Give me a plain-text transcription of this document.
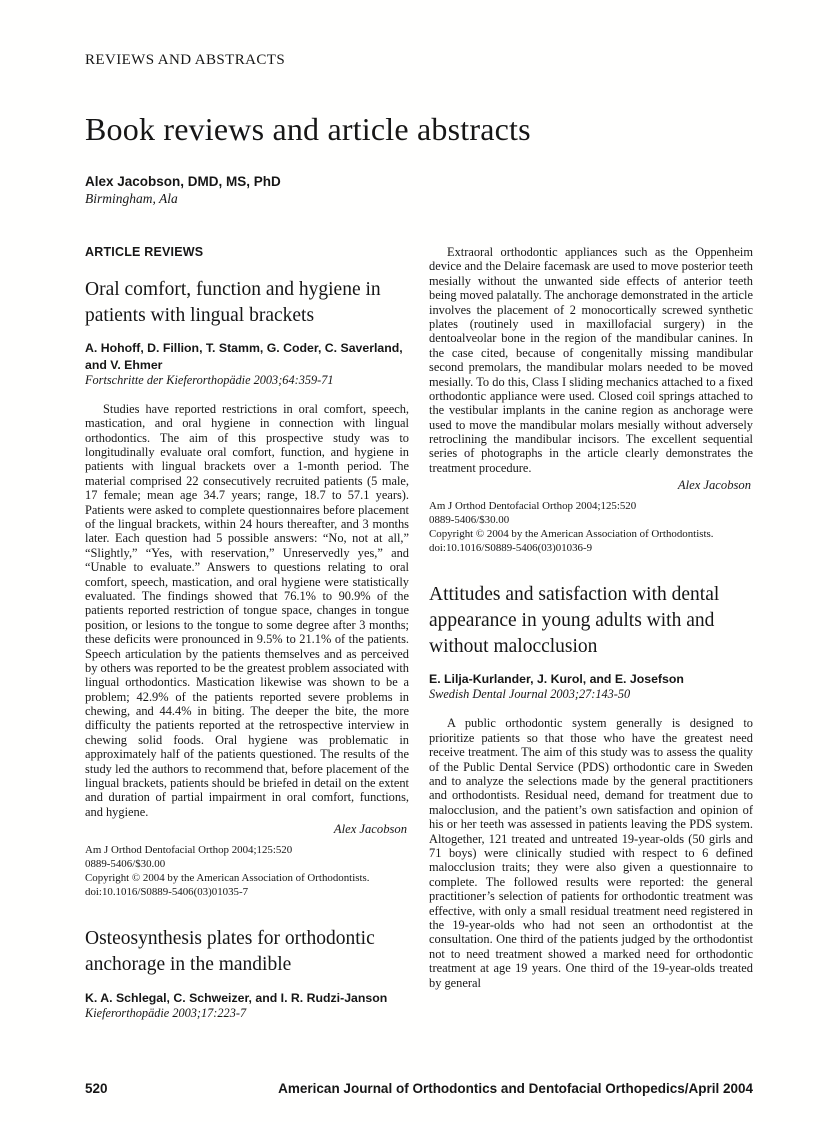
REVIEWS AND ABSTRACTS
Book reviews and article abstracts
Alex Jacobson, DMD, MS, PhD
Birmingham, Ala
ARTICLE REVIEWS
Oral comfort, function and hygiene in patients with lingual brackets
A. Hohoff, D. Fillion, T. Stamm, G. Coder, C. Saverland, and V. Ehmer
Fortschritte der Kieferorthopädie 2003;64:359-71

Studies have reported restrictions in oral comfort, speech, mastication, and oral hygiene in connection with lingual orthodontics. The aim of this prospective study was to longitudinally evaluate oral comfort, function, and hygiene in patients with lingual brackets over a 1-month period. The material comprised 22 consecutively recruited patients (5 male, 17 female; mean age 34.7 years; range, 18.7 to 57.1 years). Patients were asked to complete questionnaires before placement of the lingual brackets, within 24 hours thereafter, and 3 months later. Each question had 5 possible answers: “No, not at all,” “Slightly,” “Yes, with reservation,” Unreservedly yes,” and “Unable to evaluate.” Answers to questions relating to oral comfort, speech, mastication, and oral hygiene were statistically evaluated. The findings showed that 76.1% to 90.9% of the patients reported restriction of tongue space, changes in tongue position, or lesions to the tongue to some degree after 3 months; these deficits were pronounced in 9.5% to 21.1% of the patients. Speech articulation by the patients themselves and as perceived by others was reported to be the greatest problem associated with lingual orthodontics. Mastication likewise was shown to be a problem; 42.9% of the patients reported severe problems in chewing, and 44.4% in biting. The deeper the bite, the more difficulty the patients reported at the retrospective interview in chewing solid foods. Oral hygiene was problematic in approximately half of the patients questioned. The results of the study led the authors to recommend that, before placement of the lingual brackets, patients should be briefed in detail on the extent and duration of partial impairment in oral comfort, functions, and hygiene.

Alex Jacobson
Am J Orthod Dentofacial Orthop 2004;125:520
0889-5406/$30.00
Copyright © 2004 by the American Association of Orthodontists.
doi:10.1016/S0889-5406(03)01035-7
Osteosynthesis plates for orthodontic anchorage in the mandible
K. A. Schlegal, C. Schweizer, and I. R. Rudzi-Janson
Kieferorthopädie 2003;17:223-7

Extraoral orthodontic appliances such as the Oppenheim device and the Delaire facemask are used to move posterior teeth mesially without the unwanted side effects of anterior teeth being moved palatally. The anchorage demonstrated in the article involves the placement of 2 monocortically screwed synthetic plates (routinely used in maxillofacial surgery) in the dentoalveolar bone in the region of the mandibular canines. In the case cited, because of congenitally missing mandibular second premolars, the mandibular molars needed to be moved mesially. To do this, Class I sliding mechanics attached to a fixed orthodontic appliance were used. Closed coil springs attached to the vestibular implants in the canine region as anchorage were used to move the mandibular molars mesially without adversely retroclining the mandibular incisors. The excellent sequential series of photographs in the article clearly demonstrates the treatment procedure.

Alex Jacobson
Am J Orthod Dentofacial Orthop 2004;125:520
0889-5406/$30.00
Copyright © 2004 by the American Association of Orthodontists.
doi:10.1016/S0889-5406(03)01036-9
Attitudes and satisfaction with dental appearance in young adults with and without malocclusion
E. Lilja-Kurlander, J. Kurol, and E. Josefson
Swedish Dental Journal 2003;27:143-50

A public orthodontic system generally is designed to prioritize patients so that those who have the greatest need receive treatment. The aim of this study was to assess the quality of the Public Dental Service (PDS) orthodontic care in Sweden and to analyze the selections made by the general practitioners and orthodontists. Residual need, demand for treatment due to malocclusion, and the patient’s own satisfaction and opinion of his or her teeth was assessed in patients leaving the PDS system. Altogether, 121 treated and untreated 19-year-olds (50 girls and 71 boys) were clinically studied with respect to 6 defined malocclusion traits; they were also given a questionnaire to complete. The followed results were reported: the general practitioner’s selection of patients for orthodontic treatment was effective, with only a small residual treatment need registered in the 19-year-olds who had not seen an orthodontist at the consultation. One third of the patients judged by the orthodontist not to need treatment showed a marked need for orthodontic treatment at age 19 years. One third of the 19-year-olds treated by general

520	American Journal of Orthodontics and Dentofacial Orthopedics/April 2004
